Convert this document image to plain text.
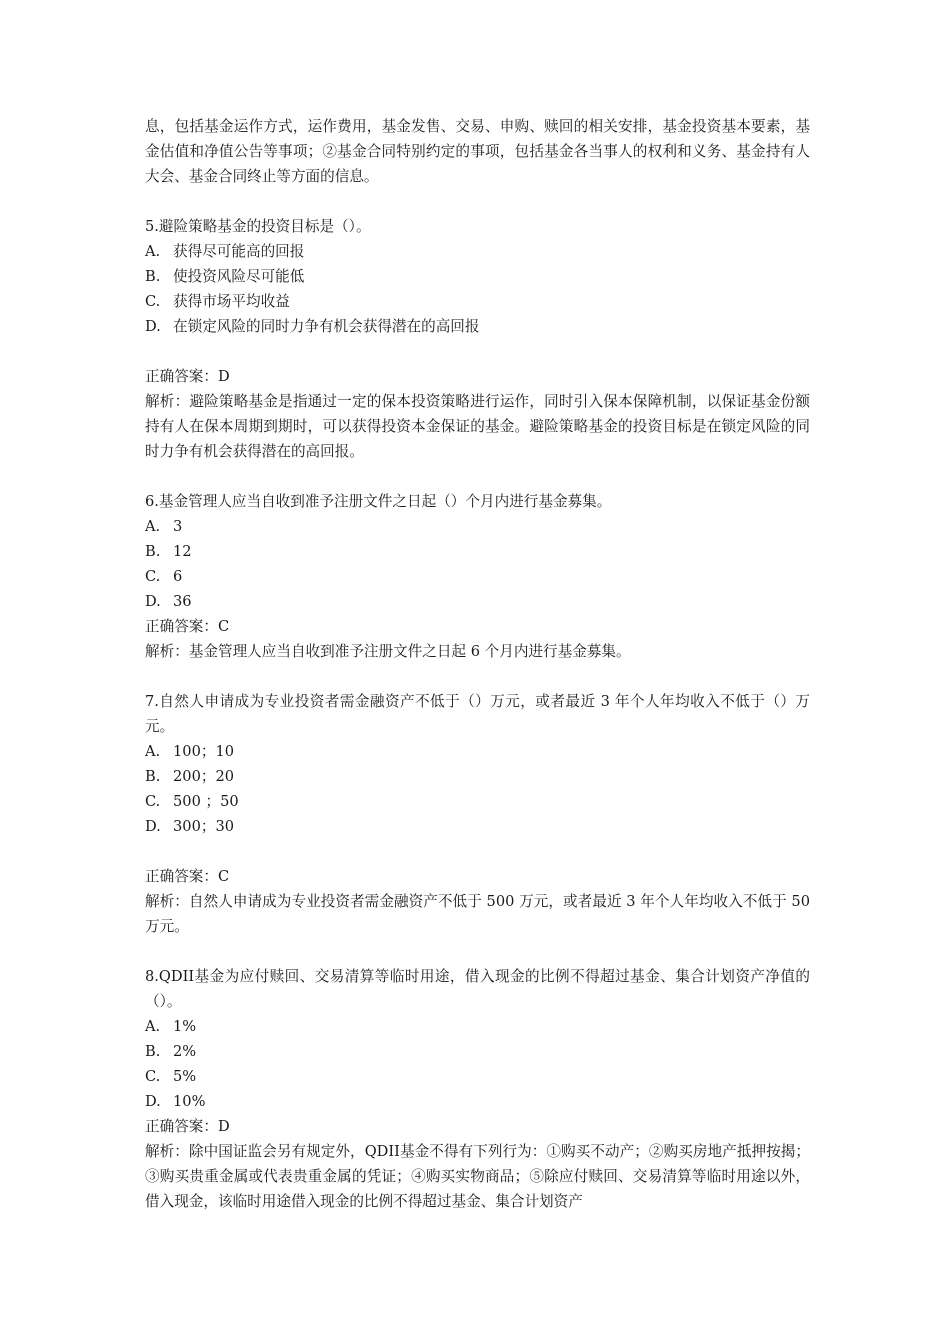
息，包括基金运作方式，运作费用，基金发售、交易、申购、赎回的相关安排，基金投资基本要素，基金估值和净值公告等事项；②基金合同特别约定的事项，包括基金各当事人的权利和义务、基金持有人大会、基金合同终止等方面的信息。

5.避险策略基金的投资目标是（）。

A. 获得尽可能高的回报

B. 使投资风险尽可能低

C. 获得市场平均收益

D. 在锁定风险的同时力争有机会获得潜在的高回报

正确答案：D

解析：避险策略基金是指通过一定的保本投资策略进行运作，同时引入保本保障机制，以保证基金份额持有人在保本周期到期时，可以获得投资本金保证的基金。避险策略基金的投资目标是在锁定风险的同时力争有机会获得潜在的高回报。

6.基金管理人应当自收到准予注册文件之日起（）个月内进行基金募集。

A. 3

B. 12

C. 6

D. 36

正确答案：C

解析：基金管理人应当自收到准予注册文件之日起 6 个月内进行基金募集。

7.自然人申请成为专业投资者需金融资产不低于（）万元，或者最近 3 年个人年均收入不低于（）万元。

A. 100；10

B. 200；20

C. 500 ；50

D. 300；30

正确答案：C

解析：自然人申请成为专业投资者需金融资产不低于 500 万元，或者最近 3 年个人年均收入不低于 50 万元。

8.QDII基金为应付赎回、交易清算等临时用途，借入现金的比例不得超过基金、集合计划资产净值的（）。

A. 1%

B. 2%

C. 5%

D. 10%

正确答案：D

解析：除中国证监会另有规定外，QDII基金不得有下列行为：①购买不动产；②购买房地产抵押按揭；③购买贵重金属或代表贵重金属的凭证；④购买实物商品；⑤除应付赎回、交易清算等临时用途以外，借入现金，该临时用途借入现金的比例不得超过基金、集合计划资产
